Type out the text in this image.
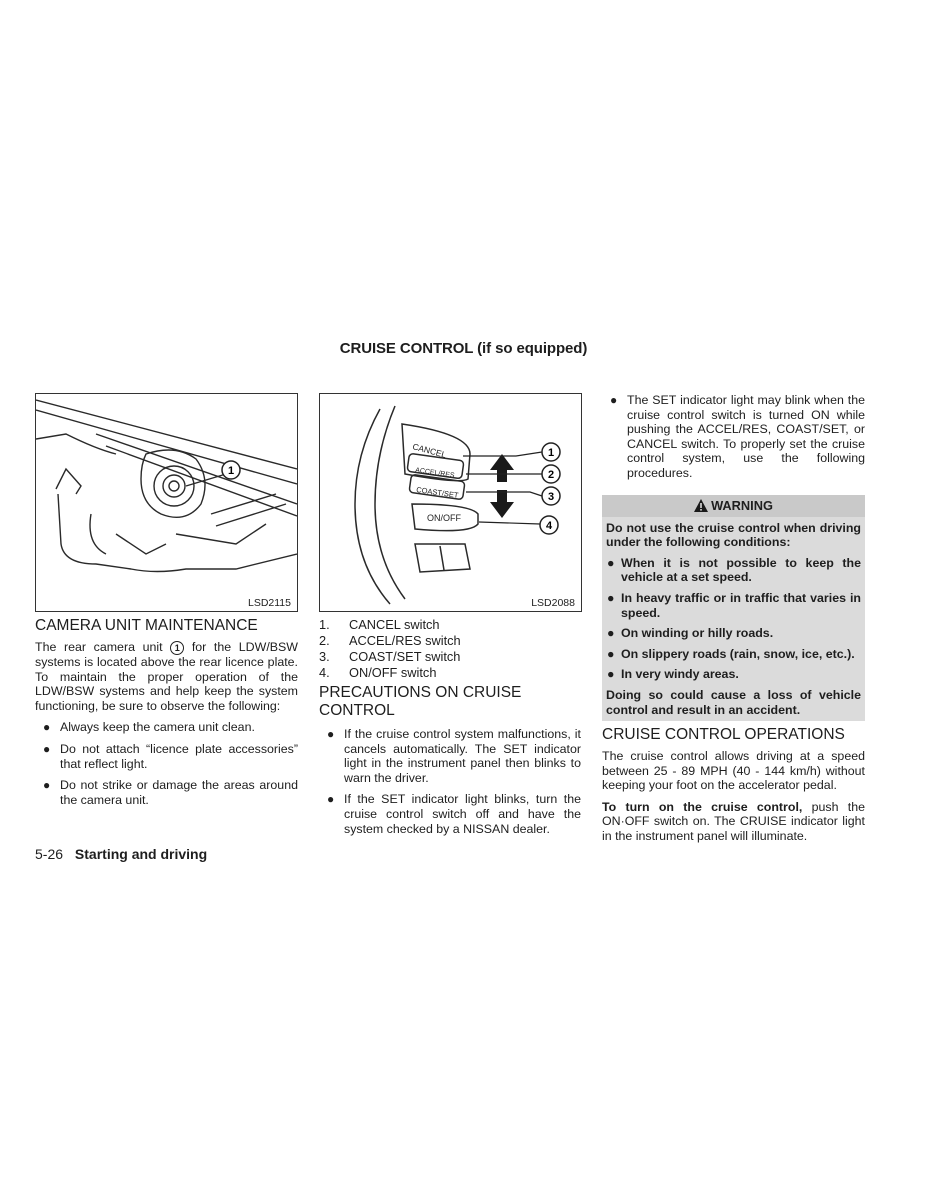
CRUISE CONTROL (if so equipped)
1
LSD2115
CAMERA UNIT MAINTENANCE

The rear camera unit 1 for the LDW/BSW systems is located above the rear licence plate. To maintain the proper operation of the LDW/BSW systems and help keep the system functioning, be sure to observe the following:

● Always keep the camera unit clean.
● Do not attach “licence plate accessories” that reflect light.
● Do not strike or damage the areas around the camera unit.
CANCEL
ACCEL/RES
COAST/SET
ON/OFF
1
2
3
4
LSD2088
1. CANCEL switch
2. ACCEL/RES switch
3. COAST/SET switch
4. ON/OFF switch
PRECAUTIONS ON CRUISE CONTROL
● If the cruise control system malfunctions, it cancels automatically. The SET indicator light in the instrument panel then blinks to warn the driver.
● If the SET indicator light blinks, turn the cruise control switch off and have the system checked by a NISSAN dealer.
● The SET indicator light may blink when the cruise control switch is turned ON while pushing the ACCEL/RES, COAST/SET, or CANCEL switch. To properly set the cruise control system, use the following procedures.
WARNING

Do not use the cruise control when driving under the following conditions:

● When it is not possible to keep the vehicle at a set speed.
● In heavy traffic or in traffic that varies in speed.
● On winding or hilly roads.
● On slippery roads (rain, snow, ice, etc.).
● In very windy areas.

Doing so could cause a loss of vehicle control and result in an accident.

CRUISE CONTROL OPERATIONS

The cruise control allows driving at a speed between 25 - 89 MPH (40 - 144 km/h) without keeping your foot on the accelerator pedal.

To turn on the cruise control, push the ON·OFF switch on. The CRUISE indicator light in the instrument panel will illuminate.

5-26 Starting and driving
